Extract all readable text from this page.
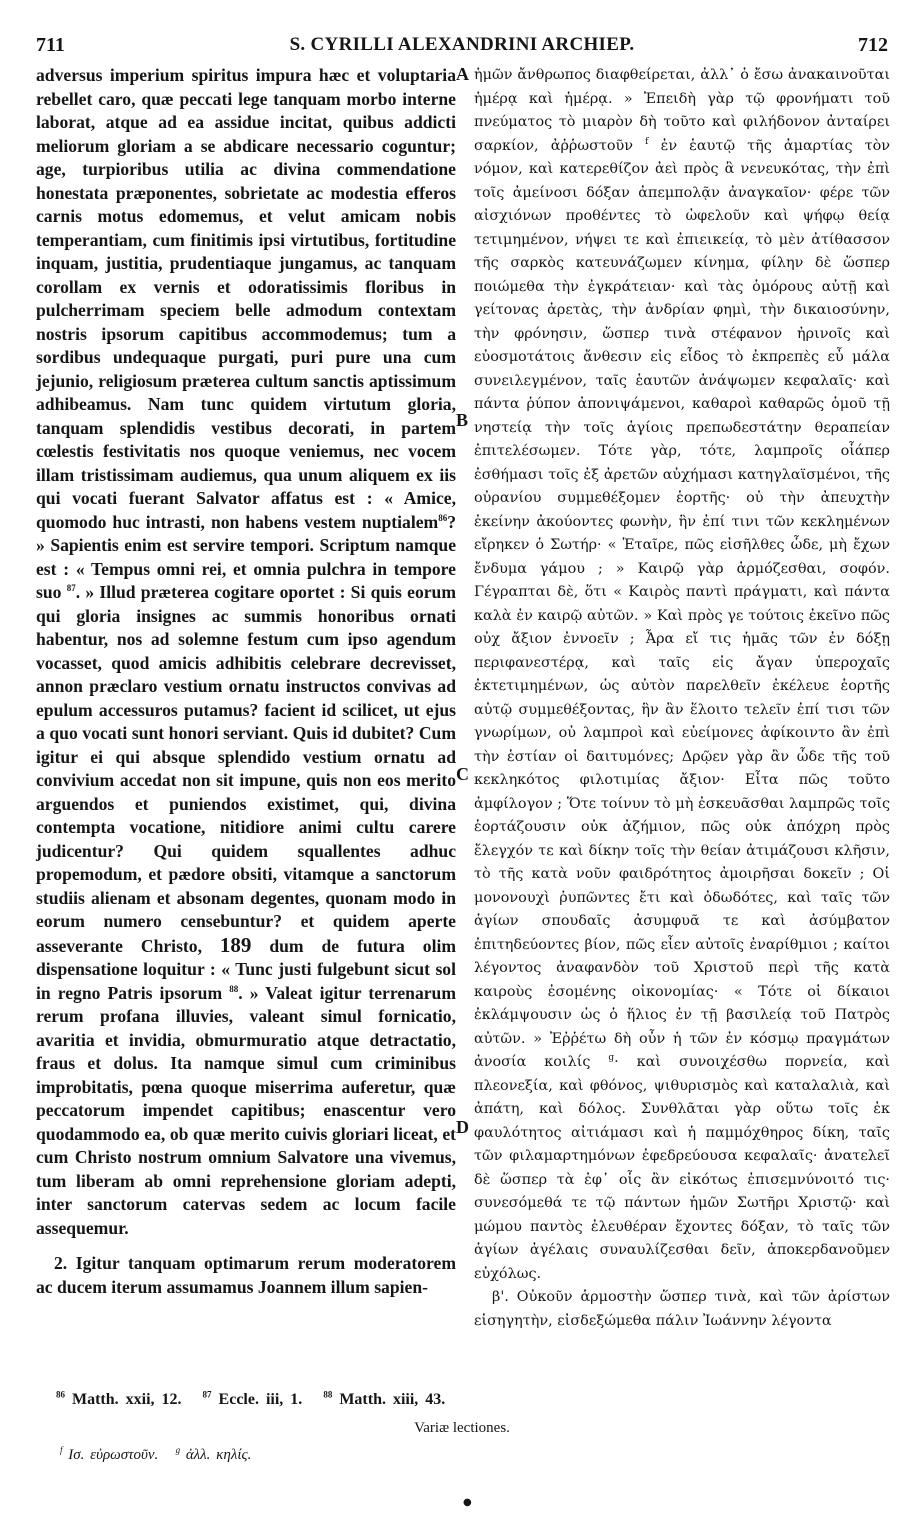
711	S. CYRILLI ALEXANDRINI ARCHIEP.	712

adversus imperium spiritus impura hæc et voluptaria rebellet caro, quæ peccati lege tanquam morbo interne laborat, atque ad ea assidue incitat, quibus addicti meliorum gloriam a se abdicare necessario coguntur; age, turpioribus utilia ac divina commendatione honestata præponentes, sobrietate ac modestia efferos carnis motus edomemus, et velut amicam nobis temperantiam, cum finitimis ipsi virtutibus, fortitudine inquam, justitia, prudentiaque jungamus, ac tanquam corollam ex vernis et odoratissimis floribus in pulcherrimam speciem belle admodum contextam nostris ipsorum capitibus accommodemus; tum a sordibus undequaque purgati, puri pure una cum jejunio, religiosum præterea cultum sanctis aptissimum adhibeamus. Nam tunc quidem virtutum gloria, tanquam splendidis vestibus decorati, in partem cœlestis festivitatis nos quoque veniemus, nec vocem illam tristissimam audiemus, qua unum aliquem ex iis qui vocati fuerant Salvator affatus est : « Amice, quomodo huc intrasti, non habens vestem nuptialem$^{86}$? » Sapientis enim est servire tempori. Scriptum namque est : « Tempus omni rei, et omnia pulchra in tempore suo $^{87}$. » Illud præterea cogitare oportet : Si quis eorum qui gloria insignes ac summis honoribus ornati habentur, nos ad solemne festum cum ipso agendum vocasset, quod amicis adhibitis celebrare decrevisset, annon præclaro vestium ornatu instructos convivas ad epulum accessuros putamus? facient id scilicet, ut ejus a quo vocati sunt honori serviant. Quis id dubitet? Cum igitur ei qui absque splendido vestium ornatu ad convivium accedat non sit impune, quis non eos merito arguendos et puniendos existimet, qui, divina contempta vocatione, nitidiore animi cultu carere judicentur? Qui quidem squallentes adhuc propemodum, et pædore obsiti, vitamque a sanctorum studiis alienam et absonam degentes, quonam modo in eorum numero censebuntur? et quidem aperte asseverante Christo, 189 dum de futura olim dispensatione loquitur : « Tunc justi fulgebunt sicut sol in regno Patris ipsorum $^{88}$. » Valeat igitur terrenarum rerum profana illuvies, valeant simul fornicatio, avaritia et invidia, obmurmuratio atque detractatio, fraus et dolus. Ita namque simul cum criminibus improbitatis, pœna quoque miserrima auferetur, quæ peccatorum impendet capitibus; enascentur vero quodammodo ea, ob quæ merito cuivis gloriari liceat, et cum Christo nostrum omnium Salvatore una vivemus, tum liberam ab omni reprehensione gloriam adepti, inter sanctorum catervas sedem ac locum facile assequemur.

2. Igitur tanquam optimarum rerum moderatorem ac ducem iterum assumamus Joannem illum sapien-

ἡμῶν ἄνθρωπος διαφθείρεται, ἀλλ᾽ ὁ ἔσω ἀνακαινοῦται ἡμέρᾳ καὶ ἡμέρᾳ. » Ἐπειδὴ γὰρ τῷ φρονήματι τοῦ πνεύματος τὸ μιαρὸν δὴ τοῦτο καὶ φιλήδονον ἀνταίρει σαρκίον, ἀῤῥωστοῦν $^f$ ἐν ἑαυτῷ τῆς ἁμαρτίας τὸν νόμον, καὶ κατερεθίζον ἀεὶ πρὸς ἃ νενευκότας, τὴν ἐπὶ τοῖς ἀμείνοσι δόξαν ἀπεμπολᾷν ἀναγκαῖον· φέρε τῶν αἰσχιόνων προθέντες τὸ ὠφελοῦν καὶ ψήφῳ θείᾳ τετιμημένον, νήψει τε καὶ ἐπιεικείᾳ, τὸ μὲν ἀτίθασσον τῆς σαρκὸς κατευνάζωμεν κίνημα, φίλην δὲ ὥσπερ ποιώμεθα τὴν ἐγκράτειαν· καὶ τὰς ὁμόρους αὐτῇ καὶ γείτονας ἀρετὰς, τὴν ἀνδρίαν φημὶ, τὴν δικαιοσύνην, τὴν φρόνησιν, ὥσπερ τινὰ στέφανον ἠρινοῖς καὶ εὐοσμοτάτοις ἄνθεσιν εἰς εἶδος τὸ ἐκπρεπὲς εὖ μάλα συνειλεγμένον, ταῖς ἑαυτῶν ἀνάψωμεν κεφαλαῖς· καὶ πάντα ῥύπον ἀπονιψάμενοι, καθαροὶ καθαρῶς ὁμοῦ τῇ νηστείᾳ τὴν τοῖς ἁγίοις πρεπωδεστάτην θεραπείαν ἐπιτελέσωμεν. Τότε γὰρ, τότε, λαμπροῖς οἷάπερ ἐσθήμασι τοῖς ἐξ ἀρετῶν αὐχήμασι κατηγλαϊσμένοι, τῆς οὐρανίου συμμεθέξομεν ἑορτῆς· οὐ τὴν ἀπευχτὴν ἐκείνην ἀκούοντες φωνὴν, ἣν ἐπί τινι τῶν κεκλημένων εἴρηκεν ὁ Σωτήρ· « Ἑταῖρε, πῶς εἰσῆλθες ὧδε, μὴ ἔχων ἔνδυμα γάμου ; » Καιρῷ γὰρ ἁρμόζεσθαι, σοφόν. Γέγραπται δὲ, ὅτι « Καιρὸς παντὶ πράγματι, καὶ πάντα καλὰ ἐν καιρῷ αὐτῶν. » Καὶ πρὸς γε τούτοις ἐκεῖνο πῶς οὐχ ἄξιον ἐννοεῖν ; Ἆρα εἴ τις ἡμᾶς τῶν ἐν δόξῃ περιφανεστέρᾳ, καὶ ταῖς εἰς ἄγαν ὑπεροχαῖς ἐκτετιμημένων, ὡς αὐτὸν παρελθεῖν ἐκέλευε ἑορτῆς αὐτῷ συμμεθέξοντας, ἣν ἂν ἕλοιτο τελεῖν ἐπί τισι τῶν γνωρίμων, οὐ λαμπροὶ καὶ εὐείμονες ἀφίκοιντο ἂν ἐπὶ τὴν ἑστίαν οἱ δαιτυμόνες; Δρῷεν γὰρ ἂν ὧδε τῆς τοῦ κεκληκότος φιλοτιμίας ἄξιον· Εἶτα πῶς τοῦτο ἀμφίλογον ; Ὅτε τοίνυν τὸ μὴ ἐσκευᾶσθαι λαμπρῶς τοῖς ἑορτάζουσιν οὐκ ἀζήμιον, πῶς οὐκ ἀπόχρη πρὸς ἔλεγχόν τε καὶ δίκην τοῖς τὴν θείαν ἀτιμάζουσι κλῆσιν, τὸ τῆς κατὰ νοῦν φαιδρότητος ἀμοιρῆσαι δοκεῖν ; Οἱ μονονουχὶ ῥυπῶντες ἔτι καὶ ὀδωδότες, καὶ ταῖς τῶν ἁγίων σπουδαῖς ἀσυμφυᾶ τε καὶ ἀσύμβατον ἐπιτηδεύοντες βίον, πῶς εἶεν αὐτοῖς ἐναρίθμιοι ; καίτοι λέγοντος ἀναφανδὸν τοῦ Χριστοῦ περὶ τῆς κατὰ καιροὺς ἐσομένης οἰκονομίας· « Τότε οἱ δίκαιοι ἐκλάμψουσιν ὡς ὁ ἥλιος ἐν τῇ βασιλείᾳ τοῦ Πατρὸς αὐτῶν. » Ἐῤῥέτω δὴ οὖν ἡ τῶν ἐν κόσμῳ πραγμάτων ἀνοσία κοιλίς $^g$· καὶ συνοιχέσθω πορνεία, καὶ πλεονεξία, καὶ φθόνος, ψιθυρισμὸς καὶ καταλαλιὰ, καὶ ἀπάτη, καὶ δόλος. Συνθλᾶται γὰρ οὕτω τοῖς ἐκ φαυλότητος αἰτιάμασι καὶ ἡ παμμόχθηρος δίκη, ταῖς τῶν φιλαμαρτημόνων ἐφεδρεύουσα κεφαλαῖς· ἀνατελεῖ δὲ ὥσπερ τὰ ἐφ᾽ οἷς ἂν εἰκότως ἐπισεμνύνοιτό τις· συνεσόμεθά τε τῷ πάντων ἡμῶν Σωτῆρι Χριστῷ· καὶ μώμου παντὸς ἐλευθέραν ἔχοντες δόξαν, τὸ ταῖς τῶν ἁγίων ἀγέλαις συναυλίζεσθαι δεῖν, ἀποκερδανοῦμεν εὐχόλως.

β'. Οὐκοῦν ἁρμοστὴν ὥσπερ τινὰ, καὶ τῶν ἀρίστων εἰσηγητὴν, εἰσδεξώμεθα πάλιν Ἰωάννην λέγοντα

A
B
C
D
$^{86}$ Matth. xxii, 12. $^{87}$ Eccle. iii, 1. $^{88}$ Matth. xiii, 43.
Variæ lectiones.
$^f$ Ισ. εὐρωστοῦν. $^g$ ἀλλ. κηλίς.
●
